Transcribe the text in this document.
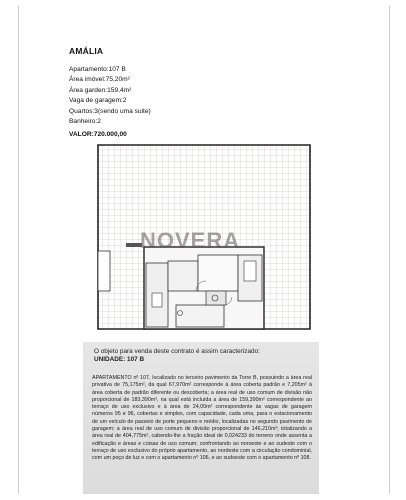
AMÁLIA
Apartamento:107 B
Área imóvel:75,20m²
Área garden:159,4m²
Vaga de garagem:2
Quartos:3(sendo uma suite)
Banheiro:2
VALOR:720.000,00
NOVERA
O objeto para venda deste contrato é assim caracterizado:
UNIDADE: 107 B
APARTAMENTO nº 107, localizado no terceiro pavimento da Torre B, possuindo a área real privativa de 75,175m², da qual 67,970m² corresponde à área coberta padrão e 7,205m² à área coberta de padrão diferente ou descoberta; a área real de uso comum de divisão não proporcional de 183,390m², na qual está incluída a área de 159,390m² correspondente ao terraço de uso exclusivo e à área de 24,00m² correspondente às vagas de garagem números 95 e 96, cobertas e simples, com capacidade, cada uma, para o estacionamento de um veículo de passeio de porte pequeno e médio, localizadas no segundo pavimento de garagem; a área real de uso comum de divisão proporcional de 146,210m²; totalizando a área real de 404,775m², cabendo-lhe a fração ideal de 0,024233 do terreno onde assenta a edificação e áreas e coisas de uso comum; confrontando ao noroeste e ao sudeste com o terraço de uso exclusivo do próprio apartamento, ao nordeste com a circulação condominial, com um poço de luz e com o apartamento nº 106, e ao sudoeste com o apartamento nº 108.
